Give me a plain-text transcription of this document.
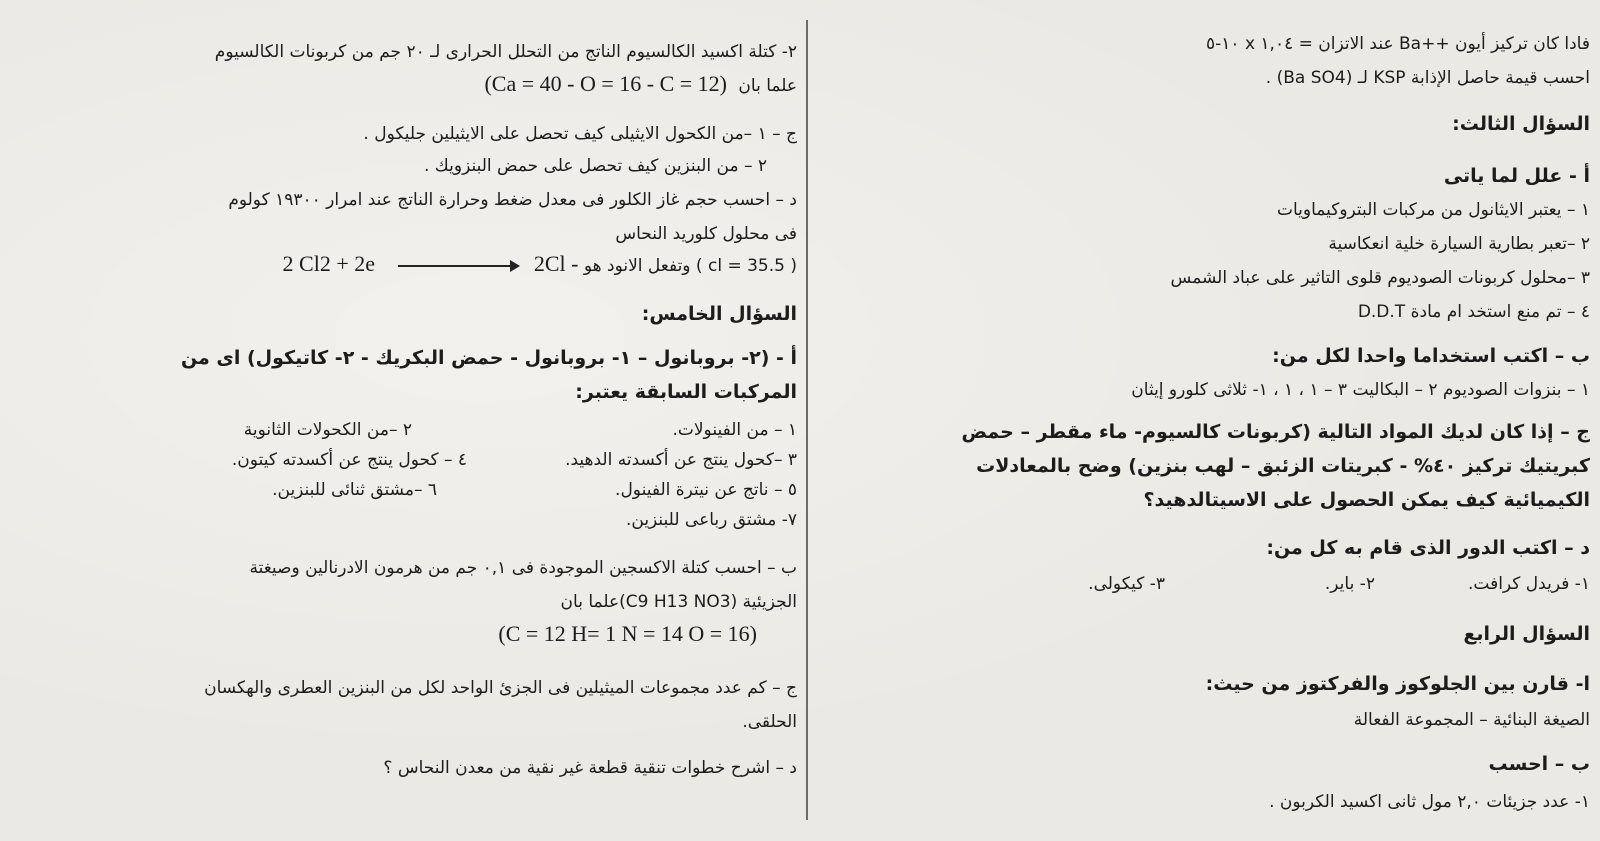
فادا كان تركيز أيون ++Ba عند الاتزان = ١,٠٤ x ١٠-٥
احسب قيمة حاصل الإذابة KSP لـ (Ba SO4) .
السؤال الثالث:
أ - علل لما ياتى
١ – يعتبر الايثانول من مركبات البتروكيماويات
٢ –تعبر بطارية السيارة خلية انعكاسية
٣ –محلول كربونات الصوديوم قلوى التاثير على عباد الشمس
٤ – تم منع استخد ام مادة D.D.T
ب – اكتب استخداما واحدا لكل من:
١ – بنزوات الصوديوم ٢ – البكاليت ٣ – ١ ، ١ ، ١- ثلاثى كلورو إيثان
ج – إذا كان لديك المواد التالية (كربونات كالسيوم- ماء مقطر – حمض
كبريتيك تركيز ٤٠% - كبريتات الزئبق – لهب بنزين) وضح بالمعادلات
الكيميائية كيف يمكن الحصول على الاسيتالدهيد؟
د – اكتب الدور الذى قام به كل من:
١- فريدل كرافت.
٢- باير.
٣- كيكولى.
السؤال الرابع
ا- قارن بين الجلوكوز والفركتوز من حيث:
الصيغة البنائية – المجموعة الفعالة
ب – احسب
١- عدد جزيئات ٢,٠ مول ثانى اكسيد الكربون .
٢- كتلة اكسيد الكالسيوم الناتج من التحلل الحرارى لـ ٢٠ جم من كربونات الكالسيوم
علما بان (Ca = 40 - O = 16 - C = 12)
ج – ١ –من الكحول الايثيلى كيف تحصل على الايثيلين جليكول .
٢ – من البنزين كيف تحصل على حمض البنزويك .
د – احسب حجم غاز الكلور فى معدل ضغط وحرارة الناتج عند امرار ١٩٣٠٠ كولوم
فى محلول كلوريد النحاس
( cl = 35.5 ) وتفعل الانود هو 2 Cl2 + 2e	2Cl -
السؤال الخامس:
أ - (٢- بروبانول – ١- بروبانول - حمض البكريك - ٢- كاتيكول) اى من
المركبات السابقة يعتبر:
١ – من الفينولات.
٢ –من الكحولات الثانوية
٣ –كحول ينتج عن أكسدته الدهيد.
٤ – كحول ينتج عن أكسدته كيتون.
٥ – ناتج عن نيترة الفينول.
٦ –مشتق ثنائى للبنزين.
٧- مشتق رباعى للبنزين.
ب – احسب كتلة الاكسجين الموجودة فى ٠,١ جم من هرمون الادرنالين وصيغتة
الجزيئية (C9 H13 NO3)علما بان
(C = 12 H= 1 N = 14 O = 16)
ج – كم عدد مجموعات الميثيلين فى الجزئ الواحد لكل من البنزين العطرى والهكسان
الحلقى.
د – اشرح خطوات تنقية قطعة غير نقية من معدن النحاس ؟
